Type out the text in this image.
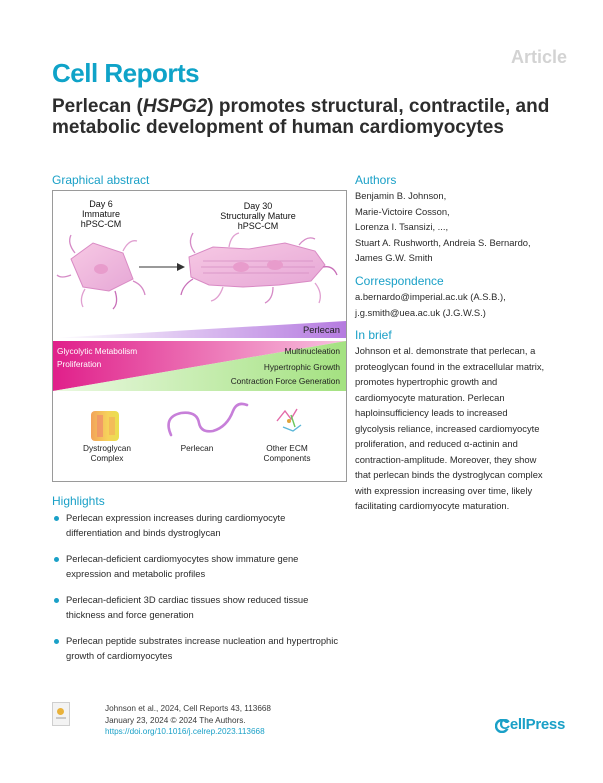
Article
Cell Reports
Perlecan (HSPG2) promotes structural, contractile, and metabolic development of human cardiomyocytes
Graphical abstract
Day 6
Immature
hPSC-CM
Day 30
Structurally Mature
hPSC-CM
Perlecan
Glycolytic Metabolism
Proliferation
Multinucleation
Hypertrophic Growth
Contraction Force Generation
Dystroglycan
Complex
Perlecan	Other ECM
Components
Authors
Benjamin B. Johnson,
Marie-Victoire Cosson,
Lorenza I. Tsansizi, ...,
Stuart A. Rushworth, Andreia S. Bernardo,
James G.W. Smith
Correspondence
a.bernardo@imperial.ac.uk (A.S.B.),
j.g.smith@uea.ac.uk (J.G.W.S.)
In brief
Johnson et al. demonstrate that perlecan, a proteoglycan found in the extracellular matrix, promotes hypertrophic growth and cardiomyocyte maturation. Perlecan haploinsufficiency leads to increased glycolysis reliance, increased cardiomyocyte proliferation, and reduced α-actinin and contraction-amplitude. Moreover, they show that perlecan binds the dystroglycan complex with expression increasing over time, likely facilitating cardiomyocyte maturation.
Highlights
Perlecan expression increases during cardiomyocyte differentiation and binds dystroglycan
Perlecan-deficient cardiomyocytes show immature gene expression and metabolic profiles
Perlecan-deficient 3D cardiac tissues show reduced tissue thickness and force generation
Perlecan peptide substrates increase nucleation and hypertrophic growth of cardiomyocytes
Johnson et al., 2024, Cell Reports 43, 113668
January 23, 2024 © 2024 The Authors.
https://doi.org/10.1016/j.celrep.2023.113668	CellPress
